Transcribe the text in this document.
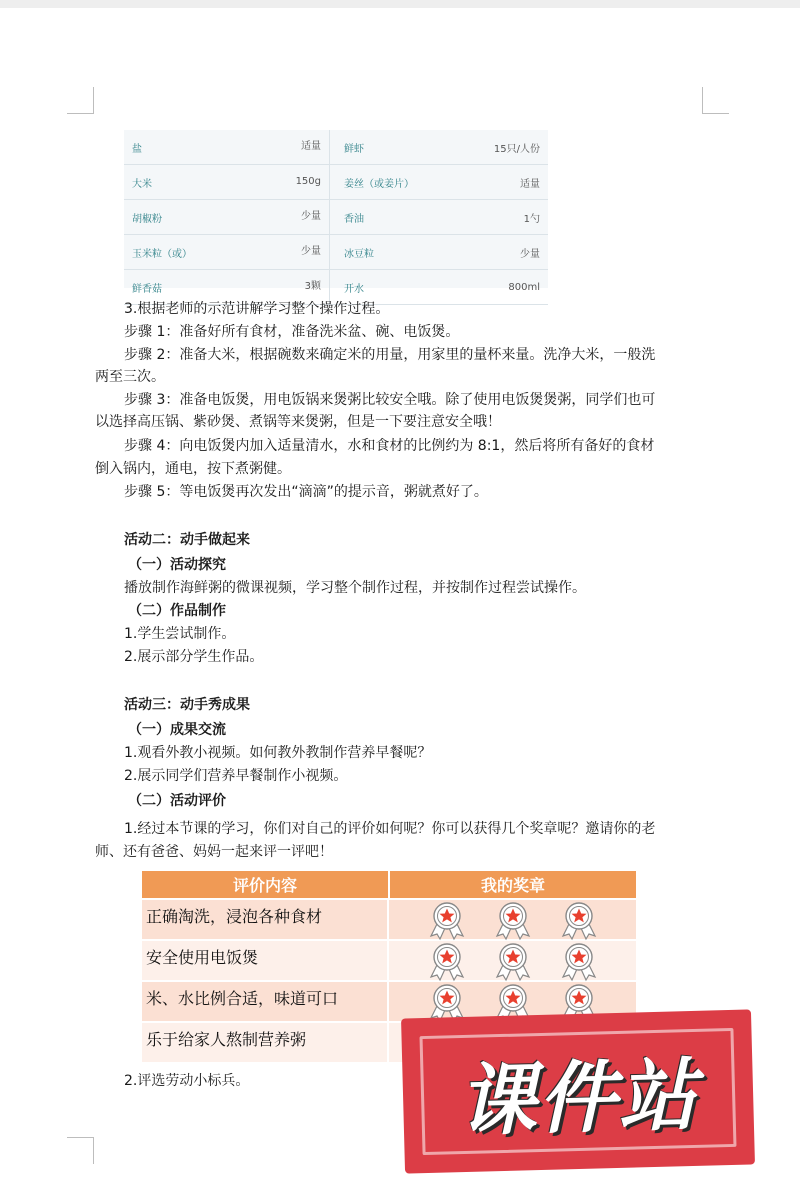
盐	适量	鲜虾	15只/人份
大米	150g	姜丝（或姜片）	适量
胡椒粉	少量	香油	1勺
玉米粒（或）	少量	冰豆粒	少量
鲜香菇	3颗	开水	800ml

3.根据老师的示范讲解学习整个操作过程。

步骤 1：准备好所有食材，准备洗米盆、碗、电饭煲。

步骤 2：准备大米，根据碗数来确定米的用量，用家里的量杯来量。洗净大米，一般洗

两至三次。

步骤 3：准备电饭煲，用电饭锅来煲粥比较安全哦。除了使用电饭煲煲粥，同学们也可

以选择高压锅、紫砂煲、煮锅等来煲粥，但是一下要注意安全哦！

步骤 4：向电饭煲内加入适量清水，水和食材的比例约为 8:1，然后将所有备好的食材

倒入锅内，通电，按下煮粥健。

步骤 5：等电饭煲再次发出“滴滴”的提示音，粥就煮好了。

活动二：动手做起来

（一）活动探究

播放制作海鲜粥的微课视频，学习整个制作过程，并按制作过程尝试操作。

（二）作品制作

1.学生尝试制作。

2.展示部分学生作品。

活动三：动手秀成果

（一）成果交流

1.观看外教小视频。如何教外教制作营养早餐呢？

2.展示同学们营养早餐制作小视频。

（二）活动评价

1.经过本节课的学习，你们对自己的评价如何呢？你可以获得几个奖章呢？邀请你的老

师、还有爸爸、妈妈一起来评一评吧！

评价内容	我的奖章
正确淘洗，浸泡各种食材
安全使用电饭煲
米、水比例合适，味道可口
乐于给家人熬制营养粥

2.评选劳动小标兵。	课件站
